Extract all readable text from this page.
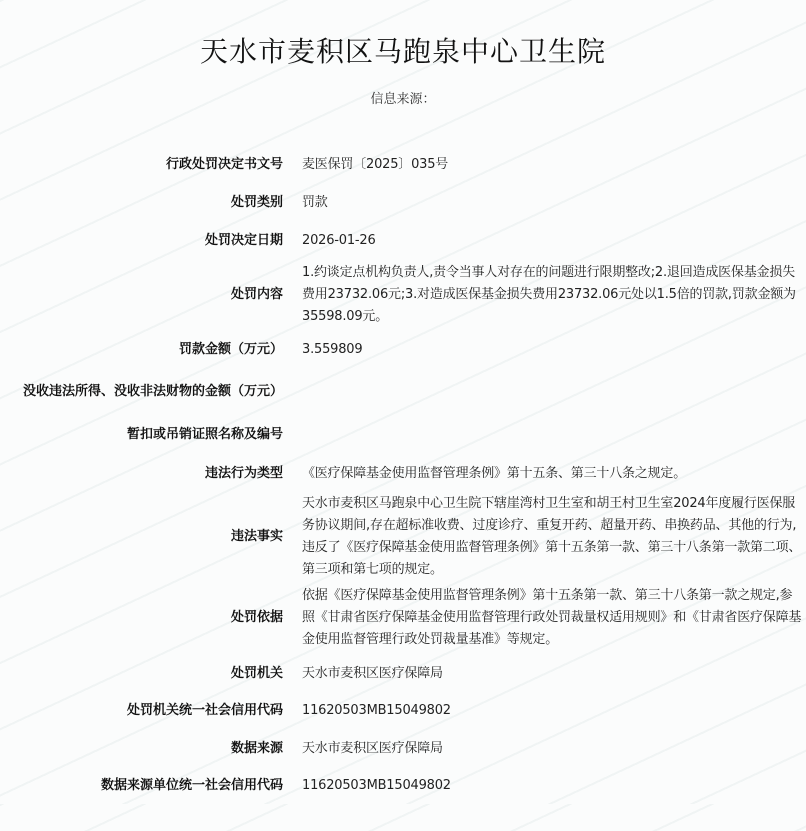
天水市麦积区马跑泉中心卫生院
信息来源：
行政处罚决定书文号 麦医保罚〔2025〕035号
处罚类别 罚款
处罚决定日期 2026-01-26
处罚内容
1.约谈定点机构负责人,责令当事人对存在的问题进行限期整改;2.退回造成医保基金损失费用23732.06元;3.对造成医保基金损失费用23732.06元处以1.5倍的罚款,罚款金额为35598.09元。
罚款金额（万元） 3.559809
没收违法所得、没收非法财物的金额（万元）
暂扣或吊销证照名称及编号
违法行为类型 《医疗保障基金使用监督管理条例》第十五条、第三十八条之规定。
违法事实
天水市麦积区马跑泉中心卫生院下辖崖湾村卫生室和胡王村卫生室2024年度履行医保服务协议期间,存在超标准收费、过度诊疗、重复开药、超量开药、串换药品、其他的行为,违反了《医疗保障基金使用监督管理条例》第十五条第一款、第三十八条第一款第二项、第三项和第七项的规定。
处罚依据
依据《医疗保障基金使用监督管理条例》第十五条第一款、第三十八条第一款之规定,参照《甘肃省医疗保障基金使用监督管理行政处罚裁量权适用规则》和《甘肃省医疗保障基金使用监督管理行政处罚裁量基准》等规定。
处罚机关 天水市麦积区医疗保障局
处罚机关统一社会信用代码 11620503MB15049802
数据来源 天水市麦积区医疗保障局
数据来源单位统一社会信用代码 11620503MB15049802
